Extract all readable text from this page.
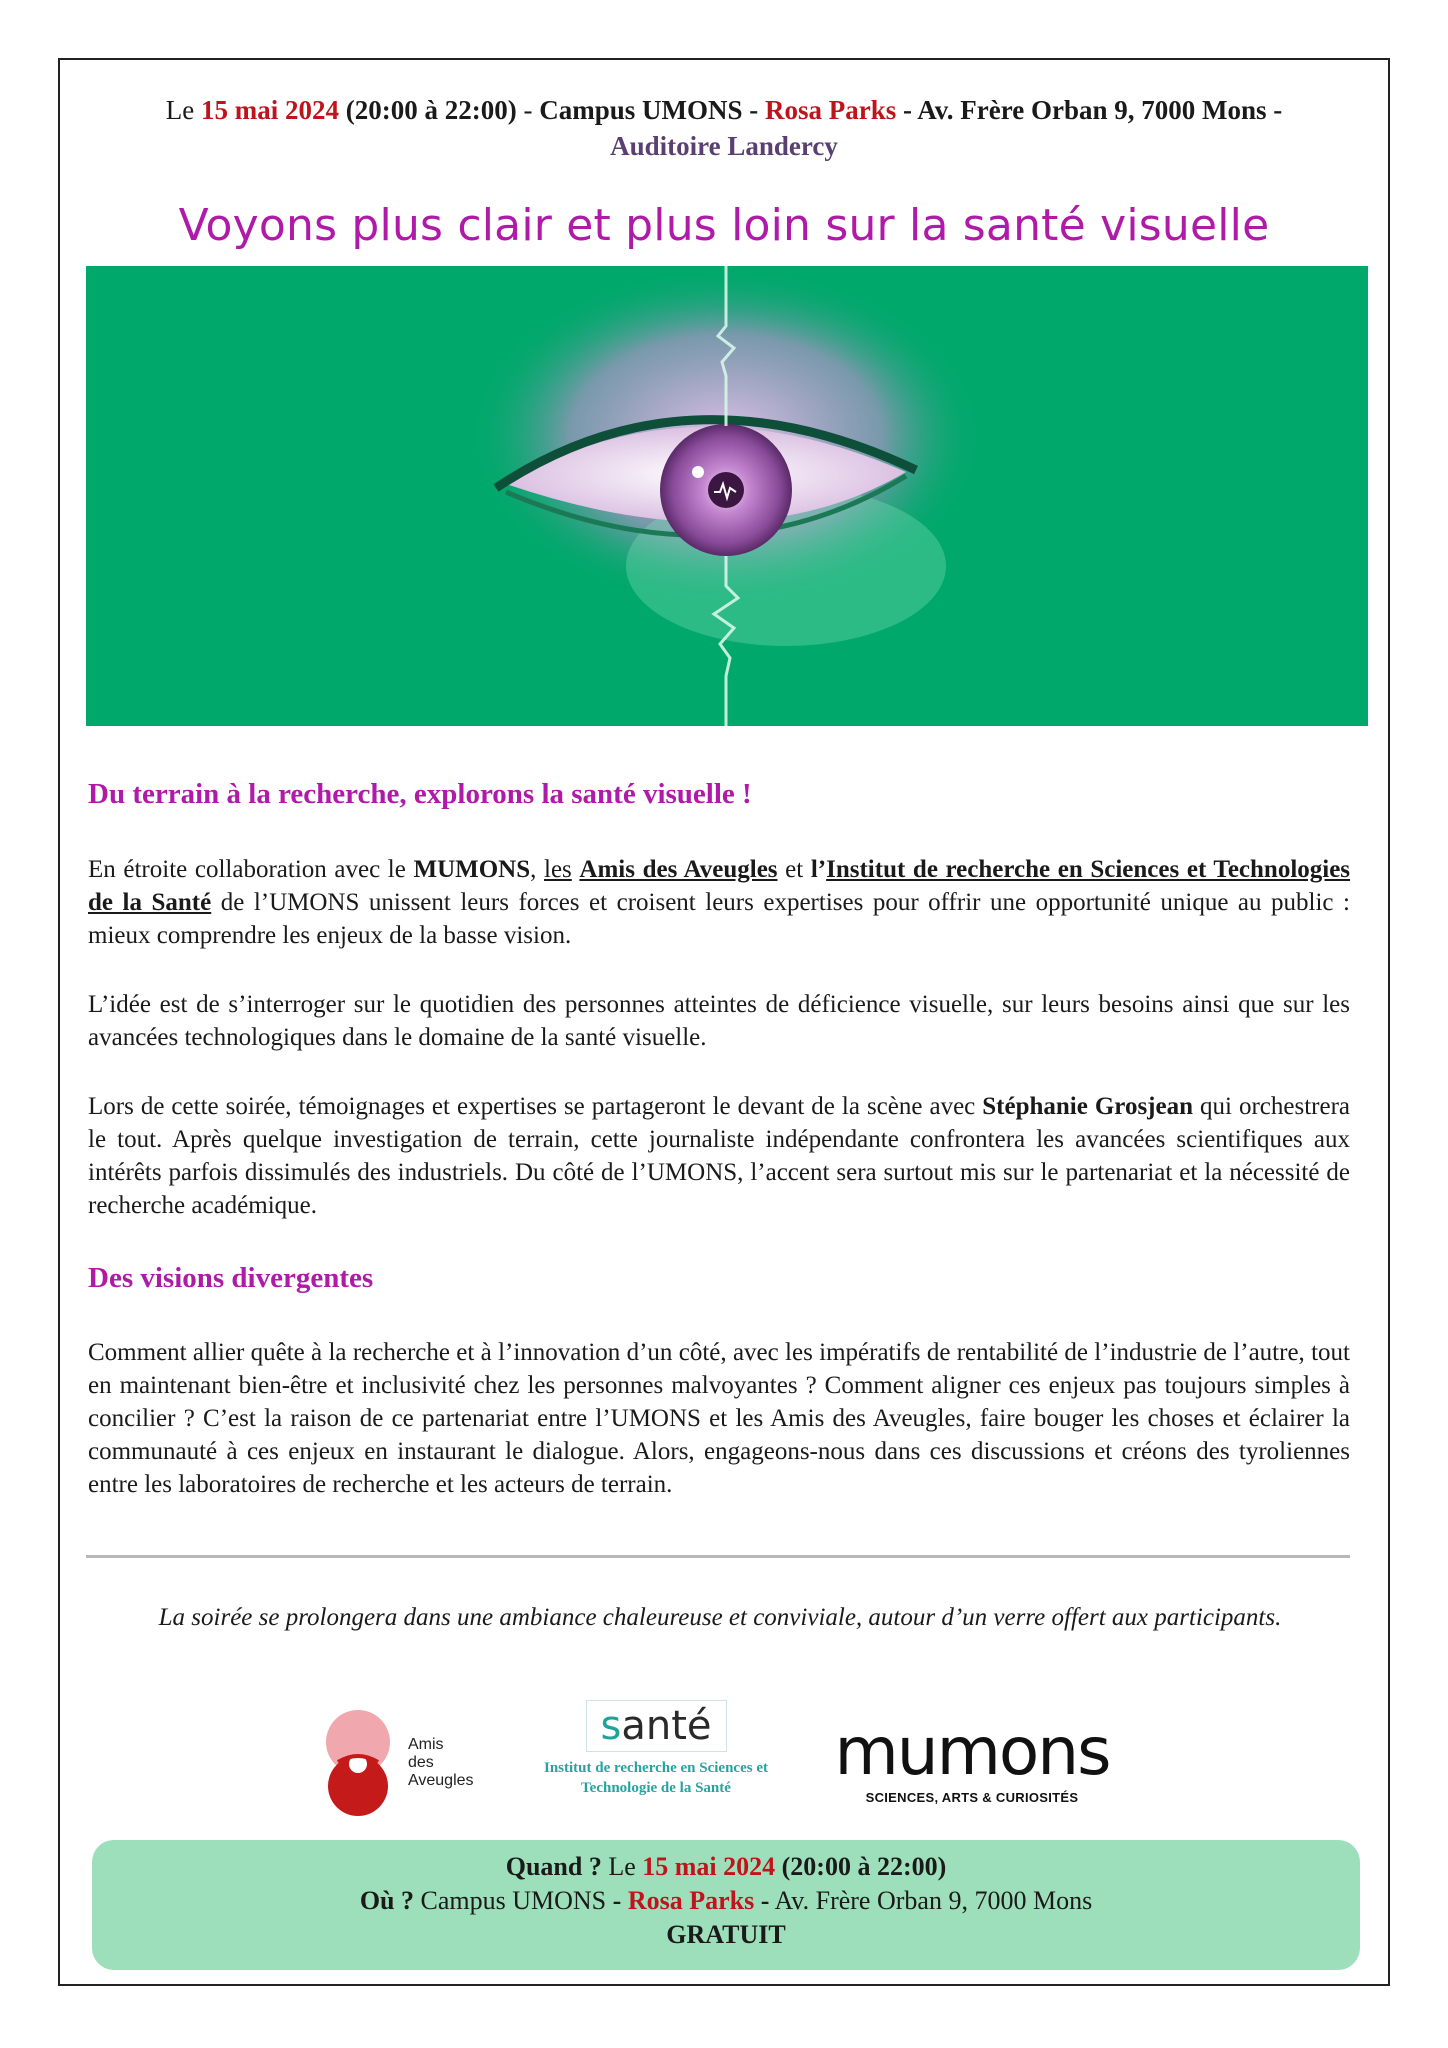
Le 15 mai 2024 (20:00 à 22:00) - Campus UMONS - Rosa Parks - Av. Frère Orban 9, 7000 Mons -
Auditoire Landercy
Voyons plus clair et plus loin sur la santé visuelle
Du terrain à la recherche, explorons la santé visuelle !
En étroite collaboration avec le MUMONS, les Amis des Aveugles et l’Institut de recherche en Sciences et Technologies de la Santé de l’UMONS unissent leurs forces et croisent leurs expertises pour offrir une opportunité unique au public : mieux comprendre les enjeux de la basse vision.
L’idée est de s’interroger sur le quotidien des personnes atteintes de déficience visuelle, sur leurs besoins ainsi que sur les avancées technologiques dans le domaine de la santé visuelle.
Lors de cette soirée, témoignages et expertises se partageront le devant de la scène avec Stéphanie Grosjean qui orchestrera le tout. Après quelque investigation de terrain, cette journaliste indépendante confrontera les avancées scientifiques aux intérêts parfois dissimulés des industriels. Du côté de l’UMONS, l’accent sera surtout mis sur le partenariat et la nécessité de recherche académique.
Des visions divergentes
Comment allier quête à la recherche et à l’innovation d’un côté, avec les impératifs de rentabilité de l’industrie de l’autre, tout en maintenant bien-être et inclusivité chez les personnes malvoyantes ? Comment aligner ces enjeux pas toujours simples à concilier ? C’est la raison de ce partenariat entre l’UMONS et les Amis des Aveugles, faire bouger les choses et éclairer la communauté à ces enjeux en instaurant le dialogue. Alors, engageons-nous dans ces discussions et créons des tyroliennes entre les laboratoires de recherche et les acteurs de terrain.
La soirée se prolongera dans une ambiance chaleureuse et conviviale, autour d’un verre offert aux participants.
Amis
des
Aveugles
santé
Institut de recherche en Sciences et
Technologie de la Santé	mumons
SCIENCES, ARTS & CURIOSITÉS
Quand ? Le 15 mai 2024 (20:00 à 22:00)
Où ? Campus UMONS - Rosa Parks - Av. Frère Orban 9, 7000 Mons
GRATUIT
